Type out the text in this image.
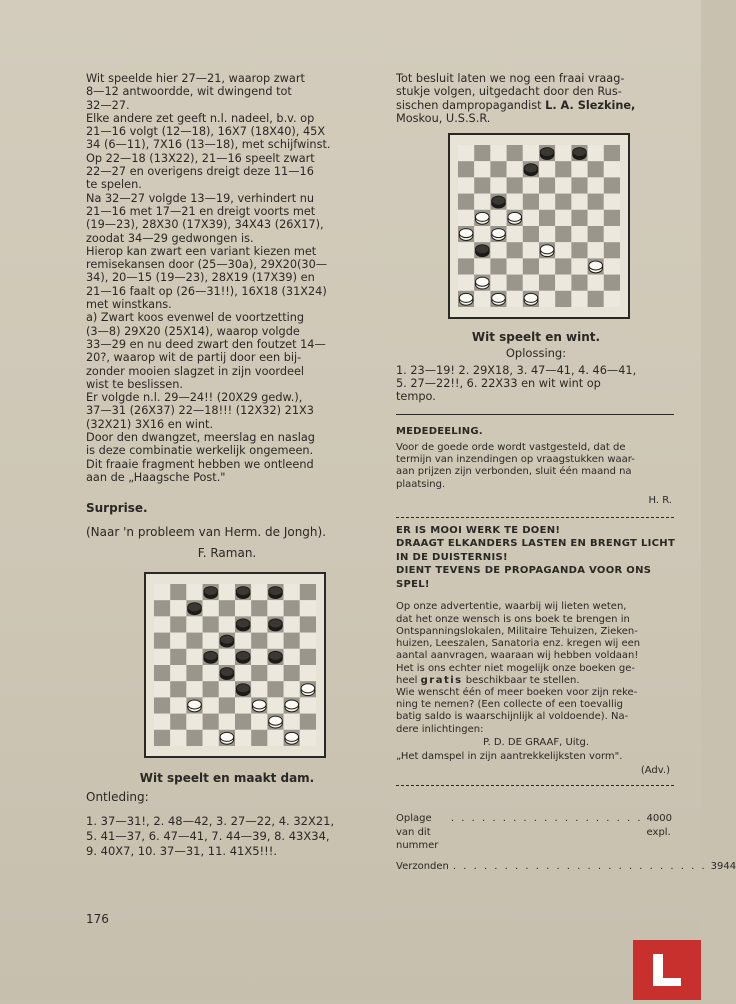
Wit speelde hier 27—21, waarop zwart
8—12 antwoordde, wit dwingend tot
32—27.

Elke andere zet geeft n.l. nadeel, b.v. op
21—16 volgt (12—18), 16X7 (18X40), 45X
34 (6—11), 7X16 (13—18), met schijfwinst.
Op 22—18 (13X22), 21—16 speelt zwart
22—27 en overigens dreigt deze 11—16
te spelen.

Na 32—27 volgde 13—19, verhindert nu
21—16 met 17—21 en dreigt voorts met
(19—23), 28X30 (17X39), 34X43 (26X17),
zoodat 34—29 gedwongen is.

Hierop kan zwart een variant kiezen met
remisekansen door (25—30a), 29X20(30—
34), 20—15 (19—23), 28X19 (17X39) en
21—16 faalt op (26—31!!), 16X18 (31X24)
met winstkans.

a) Zwart koos evenwel de voortzetting
(3—8) 29X20 (25X14), waarop volgde
33—29 en nu deed zwart den foutzet 14—
20?, waarop wit de partij door een bij-
zonder mooien slagzet in zijn voordeel
wist te beslissen.

Er volgde n.l. 29—24!! (20X29 gedw.),
37—31 (26X37) 22—18!!! (12X32) 21X3
(32X21) 3X16 en wint.

Door den dwangzet, meerslag en naslag
is deze combinatie werkelijk ongemeen.
Dit fraaie fragment hebben we ontleend
aan de „Haagsche Post."

Surprise.
(Naar 'n probleem van Herm. de Jongh).
F. Raman.
Wit speelt en maakt dam.
Ontleding:

1. 37—31!, 2. 48—42, 3. 27—22, 4. 32X21,
5. 41—37, 6. 47—41, 7. 44—39, 8. 43X34,
9. 40X7, 10. 37—31, 11. 41X5!!!.

176

Tot besluit laten we nog een fraai vraag-
stukje volgen, uitgedacht door den Rus-
sischen dampropagandist L. A. Slezkine,
Moskou, U.S.S.R.

Wit speelt en wint.
Oplossing:

1. 23—19! 2. 29X18, 3. 47—41, 4. 46—41,
5. 27—22!!, 6. 22X33 en wit wint op
tempo.

MEDEDEELING.

Voor de goede orde wordt vastgesteld, dat de
termijn van inzendingen op vraagstukken waar-
aan prijzen zijn verbonden, sluit één maand na
plaatsing.

H. R.

ER IS MOOI WERK TE DOEN!
DRAAGT ELKANDERS LASTEN EN BRENGT LICHT
IN DE DUISTERNIS!
DIENT TEVENS DE PROPAGANDA VOOR ONS
SPEL!

Op onze advertentie, waarbij wij lieten weten,
dat het onze wensch is ons boek te brengen in
Ontspanningslokalen, Militaire Tehuizen, Zieken-
huizen, Leeszalen, Sanatoria enz. kregen wij een
aantal aanvragen, waaraan wij hebben voldaan!
Het is ons echter niet mogelijk onze boeken ge-
heel gratis beschikbaar te stellen.
Wie wenscht één of meer boeken voor zijn reke-
ning te nemen? (Een collecte of een toevallig
batig saldo is waarschijnlijk al voldoende). Na-
dere inlichtingen:

P. D. DE GRAAF, Uitg.
„Het damspel in zijn aantrekkelijksten vorm".
(Adv.)
Oplage van dit nummer
. . . . . . . . . . . . . . . . . . . 4000 expl.
Verzonden . . . . . . . . . . . . . . . . . . . . . . . . . 3944
